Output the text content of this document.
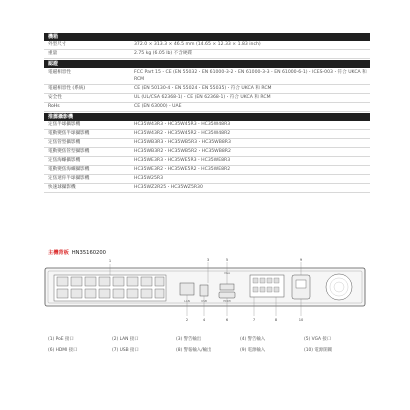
機箱
外型尺寸	372.0 × 313.3 × 46.5 mm (14.65 × 12.33 × 1.83 inch)
重量	2.75 kg (6.05 lb) 不含硬碟
認證
電磁相容性	FCC Part 15・CE (EN 55032・EN 61000-3-2・EN 61000-3-3・EN 61000-6-1)・ICES-003・符合 UKCA 和 RCM
電磁相容性 (系統)	CE (EN 50130-4・EN 55024・EN 55035)・符合 UKCA 和 RCM
安全性	UL (UL/CSA 62368-1)・CE (EN 62368-1)・符合 UKCA 和 RCM
RoHs	CE (EN 63000)・UAE
推薦攝影機
定焦半球攝影機	HC35W43R3・HC35W45R3・HC35W48R3
電動變焦半球攝影機	HC35W43R2・HC35W45R2・HC35W48R2
定焦管型攝影機	HC35WB3R3・HC35WB5R3・HC35WB8R3
電動變焦管型攝影機	HC35WB3R2・HC35WB5R2・HC35WB8R2
定焦海螺攝影機	HC35WE3R3・HC35WE5R3・HC35WE8R3
電動變焦海螺攝影機	HC35WE3R2・HC35WE5R2・HC35WE8R2
定焦迷你半球攝影機	HC35W25R3
快速球攝影機	HC35WZ2R25・HC35WZ5R30
主機背板 HN35160200
LAN	USB	HDMI
VGA
1
2
3
4
5
6	7	8
9
10
(1) PoE 接口	(2) LAN 接口	(3) 警告輸出	(4) 警告輸入	(5) VGA 接口
(6) HDMI 接口	(7) USB 接口	(8) 警報輸入/輸出	(9) 電源輸入	(10) 電源開關
